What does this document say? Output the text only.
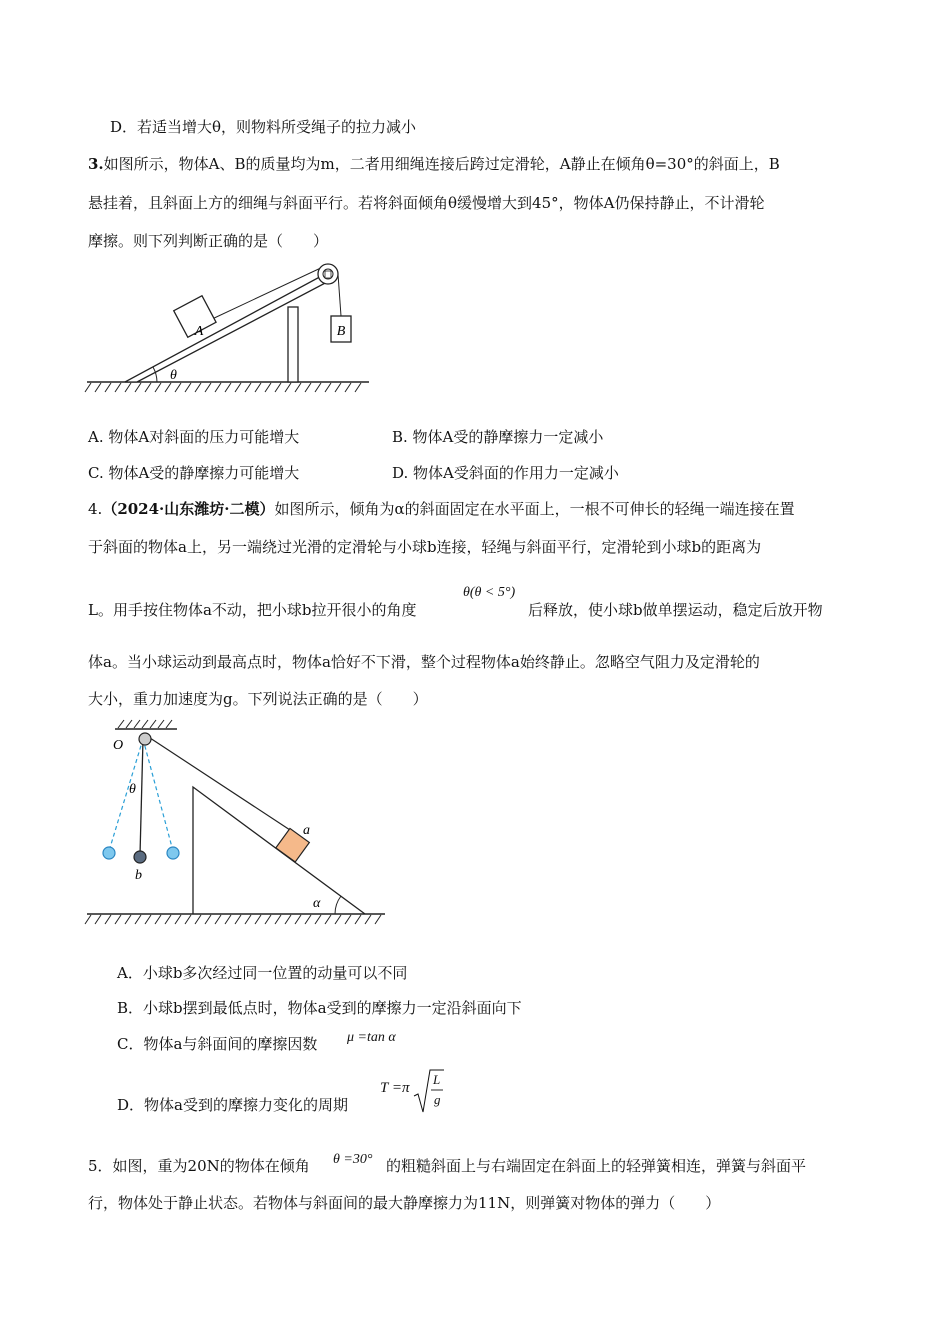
D．若适当增大θ，则物料所受绳子的拉力减小
3.如图所示，物体A、B的质量均为m，二者用细绳连接后跨过定滑轮，A静止在倾角θ=30°的斜面上，B
悬挂着，且斜面上方的细绳与斜面平行。若将斜面倾角θ缓慢增大到45°，物体A仍保持静止，不计滑轮
摩擦。则下列判断正确的是（　　）
B
A
θ
A. 物体A对斜面的压力可能增大	B. 物体A受的静摩擦力一定减小
C. 物体A受的静摩擦力可能增大	D. 物体A受斜面的作用力一定减小
4.（2024·山东潍坊·二模）如图所示，倾角为α的斜面固定在水平面上，一根不可伸长的轻绳一端连接在置
于斜面的物体a上，另一端绕过光滑的定滑轮与小球b连接，轻绳与斜面平行，定滑轮到小球b的距离为
L。用手按住物体a不动，把小球b拉开很小的角度
θ(θ < 5°)
后释放，使小球b做单摆运动，稳定后放开物
体a。当小球运动到最高点时，物体a恰好不下滑，整个过程物体a始终静止。忽略空气阻力及定滑轮的
大小，重力加速度为g。下列说法正确的是（　　）
O
b
θ
a
α
A．小球b多次经过同一位置的动量可以不同
B．小球b摆到最低点时，物体a受到的摩擦力一定沿斜面向下
C．物体a与斜面间的摩擦因数 μ =tan α
D．物体a受到的摩擦力变化的周期
T =π
L
g
5．如图，重为20N的物体在倾角 θ =30° 的粗糙斜面上与右端固定在斜面上的轻弹簧相连，弹簧与斜面平
行，物体处于静止状态。若物体与斜面间的最大静摩擦力为11N，则弹簧对物体的弹力（　　）
